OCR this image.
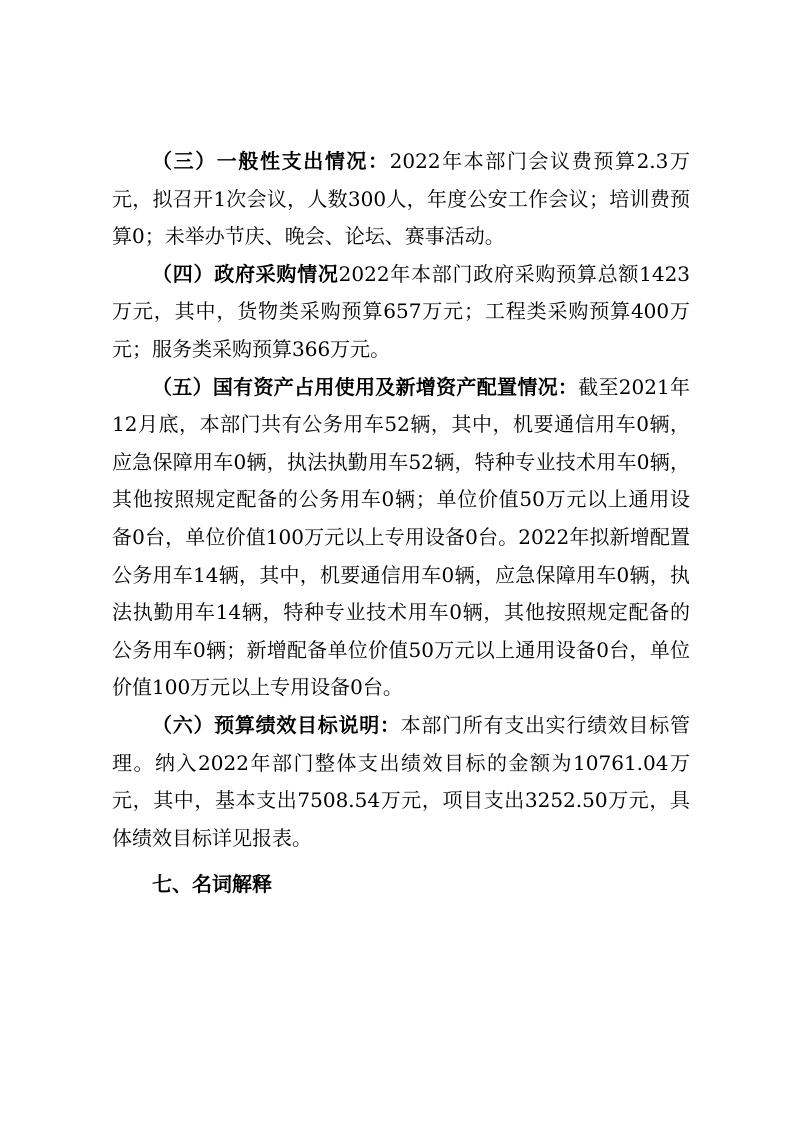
（三）一般性支出情况：2022年本部门会议费预算2.3万元，拟召开1次会议，人数300人，年度公安工作会议；培训费预算0；未举办节庆、晚会、论坛、赛事活动。

（四）政府采购情况2022年本部门政府采购预算总额1423万元，其中，货物类采购预算657万元；工程类采购预算400万元；服务类采购预算366万元。

（五）国有资产占用使用及新增资产配置情况：截至2021年12月底，本部门共有公务用车52辆，其中，机要通信用车0辆，应急保障用车0辆，执法执勤用车52辆，特种专业技术用车0辆，其他按照规定配备的公务用车0辆；单位价值50万元以上通用设备0台，单位价值100万元以上专用设备0台。2022年拟新增配置公务用车14辆，其中，机要通信用车0辆，应急保障用车0辆，执法执勤用车14辆，特种专业技术用车0辆，其他按照规定配备的公务用车0辆；新增配备单位价值50万元以上通用设备0台，单位价值100万元以上专用设备0台。

（六）预算绩效目标说明：本部门所有支出实行绩效目标管理。纳入2022年部门整体支出绩效目标的金额为10761.04万元，其中，基本支出7508.54万元，项目支出3252.50万元，具体绩效目标详见报表。

七、名词解释
